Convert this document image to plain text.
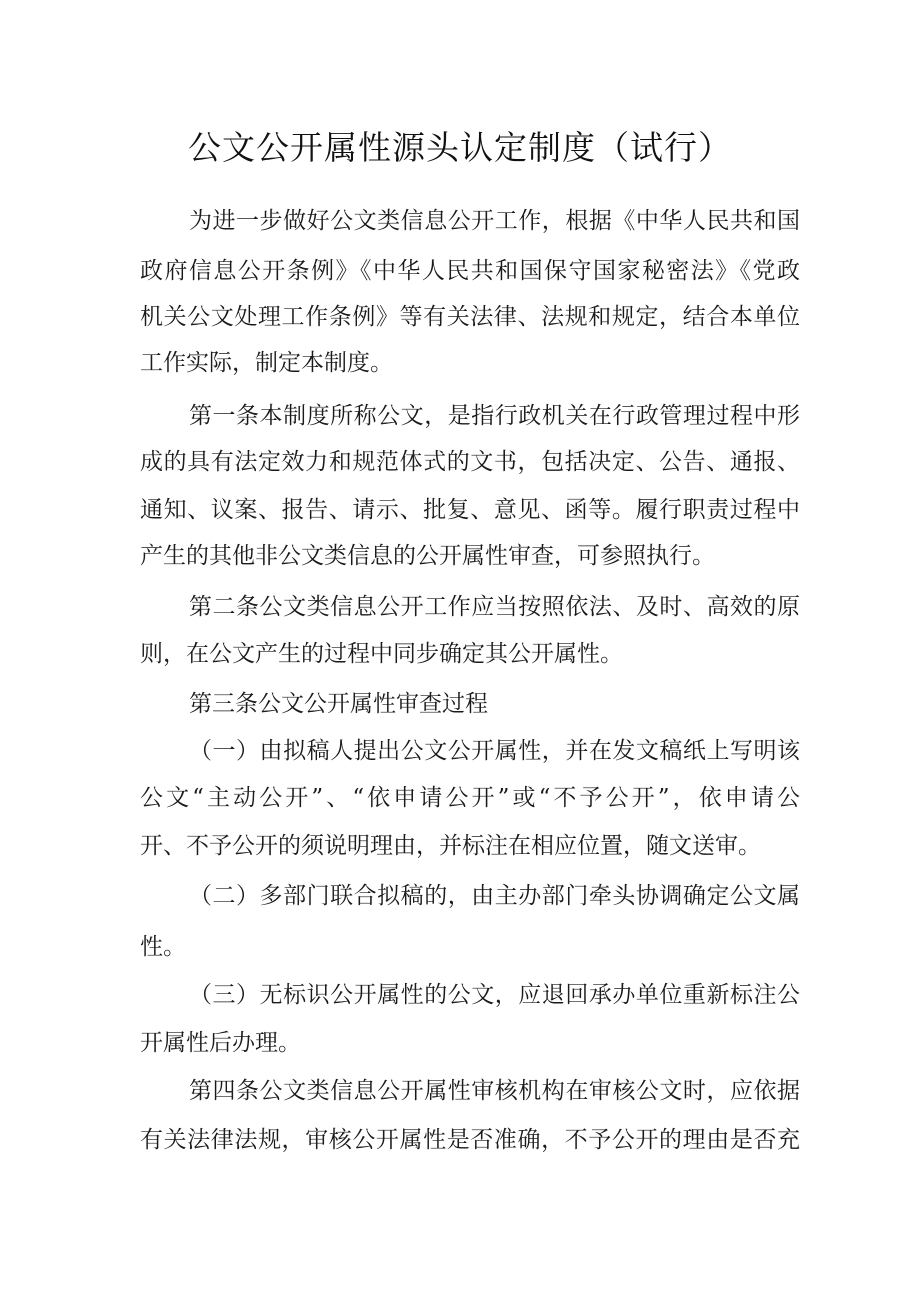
公文公开属性源头认定制度（试行）
为进一步做好公文类信息公开工作，根据《中华人民共和国
政府信息公开条例》《中华人民共和国保守国家秘密法》《党政
机关公文处理工作条例》等有关法律、法规和规定，结合本单位
工作实际，制定本制度。
第一条本制度所称公文，是指行政机关在行政管理过程中形
成的具有法定效力和规范体式的文书，包括决定、公告、通报、
通知、议案、报告、请示、批复、意见、函等。履行职责过程中
产生的其他非公文类信息的公开属性审查，可参照执行。
第二条公文类信息公开工作应当按照依法、及时、高效的原
则，在公文产生的过程中同步确定其公开属性。
第三条公文公开属性审查过程
（一）由拟稿人提出公文公开属性，并在发文稿纸上写明该
公文“主动公开”、“依申请公开”或“不予公开”，依申请公
开、不予公开的须说明理由，并标注在相应位置，随文送审。
（二）多部门联合拟稿的，由主办部门牵头协调确定公文属
性。
（三）无标识公开属性的公文，应退回承办单位重新标注公
开属性后办理。
第四条公文类信息公开属性审核机构在审核公文时，应依据
有关法律法规，审核公开属性是否准确，不予公开的理由是否充
